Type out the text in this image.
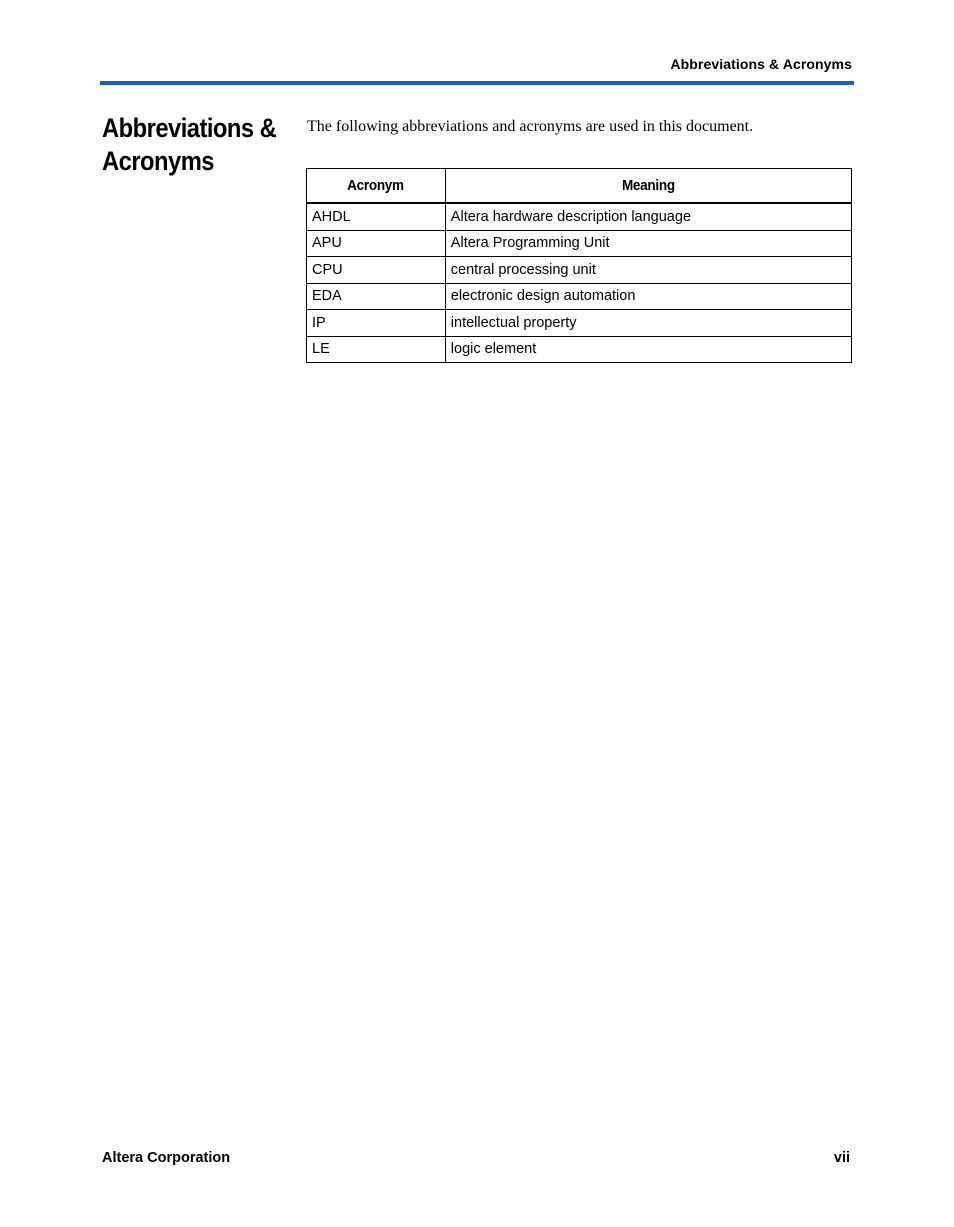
Abbreviations & Acronyms
Abbreviations &
Acronyms

The following abbreviations and acronyms are used in this document.

Acronym	Meaning
AHDL	Altera hardware description language
APU	Altera Programming Unit
CPU	central processing unit
EDA	electronic design automation
IP	intellectual property
LE	logic element
Altera Corporation	vii
